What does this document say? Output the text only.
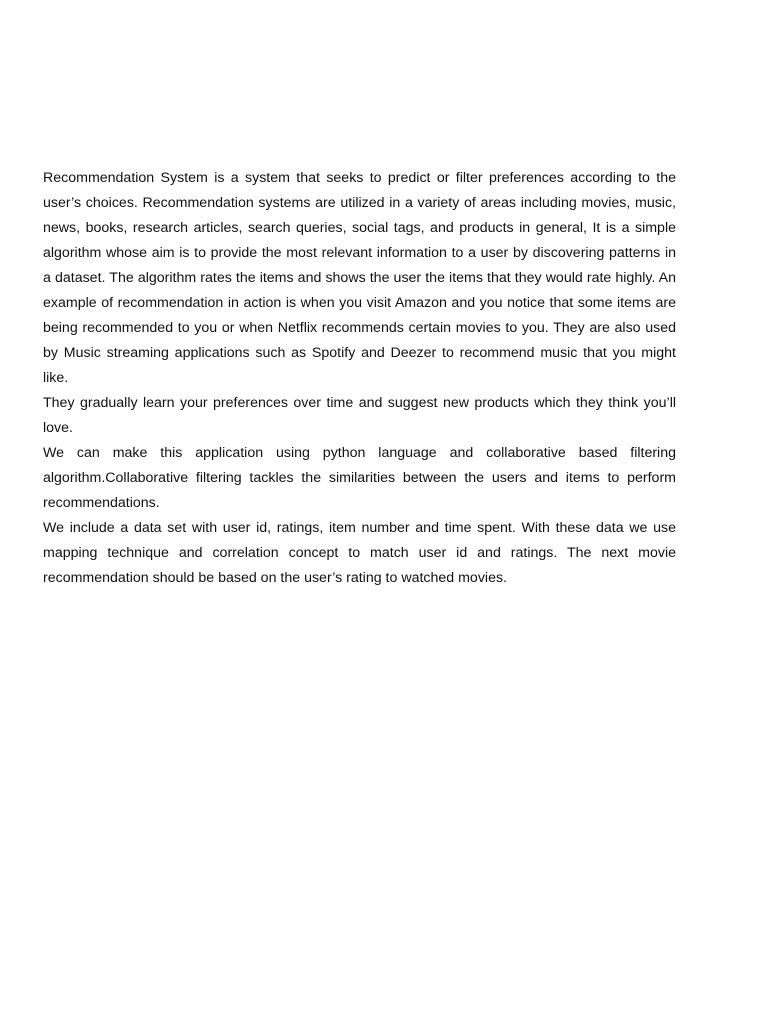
Recommendation System is a system that seeks to predict or filter preferences according to the user’s choices. Recommendation systems are utilized in a variety of areas including movies, music, news, books, research articles, search queries, social tags, and products in general, It is a simple algorithm whose aim is to provide the most relevant information to a user by discovering patterns in a dataset. The algorithm rates the items and shows the user the items that they would rate highly. An example of recommendation in action is when you visit Amazon and you notice that some items are being recommended to you or when Netflix recommends certain movies to you. They are also used by Music streaming applications such as Spotify and Deezer to recommend music that you might like.

They gradually learn your preferences over time and suggest new products which they think you’ll love.

We can make this application using python language and collaborative based filtering algorithm.Collaborative filtering tackles the similarities between the users and items to perform recommendations.

We include a data set with user id, ratings, item number and time spent. With these data we use mapping technique and correlation concept to match user id and ratings. The next movie recommendation should be based on the user’s rating to watched movies.
